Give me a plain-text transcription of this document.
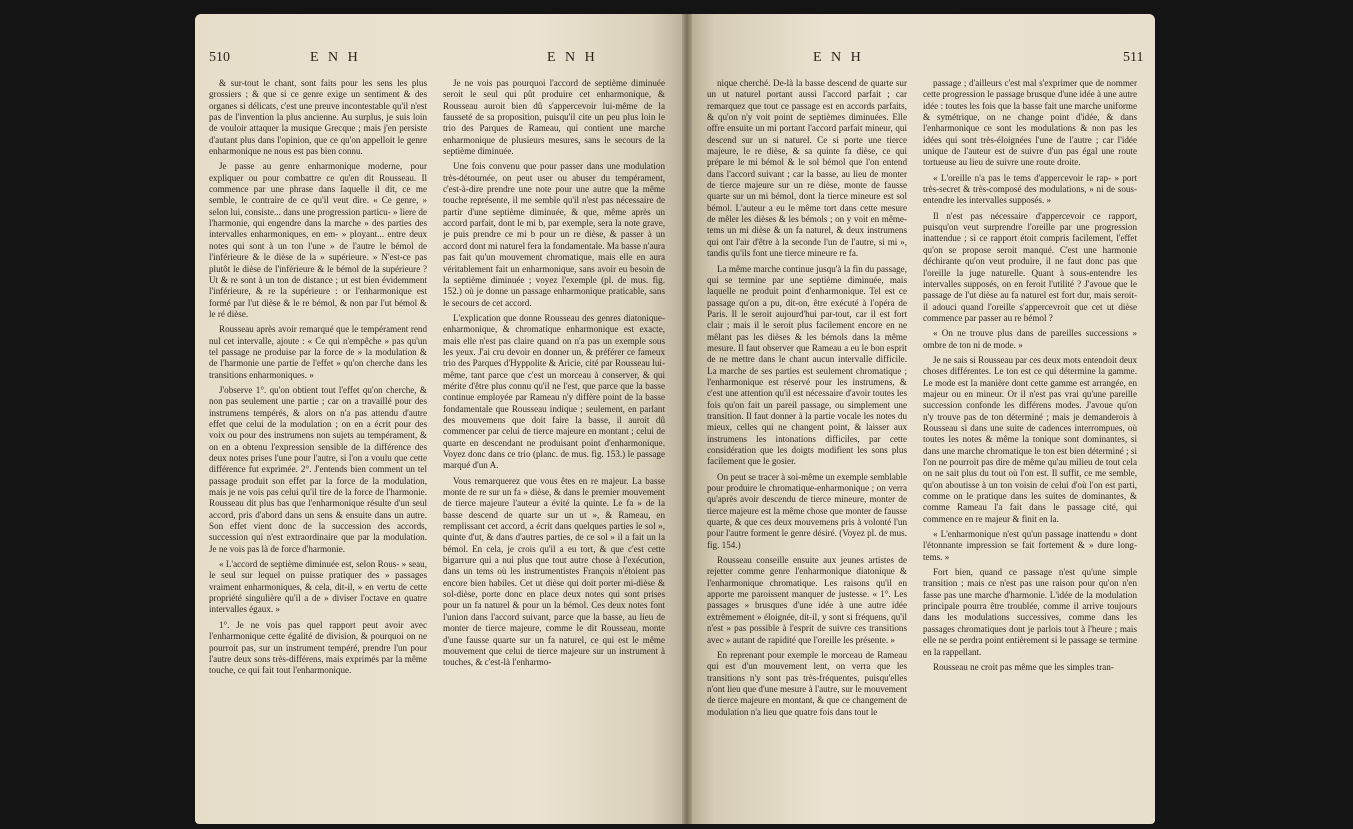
510	E N H	E N H

& sur-tout le chant, sont faits pour les sens les plus grossiers ; & que si ce genre exige un sentiment & des organes si délicats, c'est une preuve incontestable qu'il n'est pas de l'invention la plus ancienne. Au surplus, je suis loin de vouloir attaquer la musique Grecque ; mais j'en persiste d'autant plus dans l'opinion, que ce qu'on appelloit le genre enharmonique ne nous est pas bien connu.

Je passe au genre enharmonique moderne, pour expliquer ou pour combattre ce qu'en dit Rousseau. Il commence par une phrase dans laquelle il dit, ce me semble, le contraire de ce qu'il veut dire. « Ce genre, » selon lui, consiste... dans une progression particu- » liere de l'harmonie, qui engendre dans la marche » des parties des intervalles enharmoniques, en em- » ployant... entre deux notes qui sont à un ton l'une » de l'autre le bémol de l'inférieure & le dièse de la » supérieure. » N'est-ce pas plutôt le dièse de l'inférieure & le bémol de la supérieure ? Ut & re sont à un ton de distance ; ut est bien évidemment l'inférieure, & re la supérieure : or l'enharmonique est formé par l'ut dièse & le re bémol, & non par l'ut bémol & le ré dièse.

Rousseau après avoir remarqué que le tempérament rend nul cet intervalle, ajoute : « Ce qui n'empêche » pas qu'un tel passage ne produise par la force de » la modulation & de l'harmonie une partie de l'effet » qu'on cherche dans les transitions enharmoniques. »

J'observe 1°. qu'on obtient tout l'effet qu'on cherche, & non pas seulement une partie ; car on a travaillé pour des instrumens tempérés, & alors on n'a pas attendu d'autre effet que celui de la modulation ; on en a écrit pour des voix ou pour des instrumens non sujets au tempérament, & on en a obtenu l'expression sensible de la différence des deux notes prises l'une pour l'autre, si l'on a voulu que cette différence fut exprimée. 2°. J'entends bien comment un tel passage produit son effet par la force de la modulation, mais je ne vois pas celui qu'il tire de la force de l'harmonie. Rousseau dit plus bas que l'enharmonique résulte d'un seul accord, pris d'abord dans un sens & ensuite dans un autre. Son effet vient donc de la succession des accords, succession qui n'est extraordinaire que par la modulation. Je ne vois pas là de force d'harmonie.

« L'accord de septième diminuée est, selon Rous- » seau, le seul sur lequel on puisse pratiquer des » passages vraiment enharmoniques, & cela, dit-il, » en vertu de cette propriété singulière qu'il a de » diviser l'octave en quatre intervalles égaux. »

1°. Je ne vois pas quel rapport peut avoir avec l'enharmonique cette égalité de division, & pourquoi on ne pourroit pas, sur un instrument tempéré, prendre l'un pour l'autre deux sons très-différens, mais exprimés par la même touche, ce qui fait tout l'enharmonique.

Je ne vois pas pourquoi l'accord de septième diminuée seroit le seul qui pût produire cet enharmonique, & Rousseau auroit bien dû s'appercevoir lui-même de la fausseté de sa proposition, puisqu'il cite un peu plus loin le trio des Parques de Rameau, qui contient une marche enharmonique de plusieurs mesures, sans le secours de la septième diminuée.

Une fois convenu que pour passer dans une modulation très-détournée, on peut user ou abuser du tempérament, c'est-à-dire prendre une note pour une autre que la même touche représente, il me semble qu'il n'est pas nécessaire de partir d'une septième diminuée, & que, même après un accord parfait, dont le mi b, par exemple, sera la note grave, je puis prendre ce mi b pour un re dièse, & passer à un accord dont mi naturel fera la fondamentale. Ma basse n'aura pas fait qu'un mouvement chromatique, mais elle en aura véritablement fait un enharmonique, sans avoir eu besoin de la septième diminuée ; voyez l'exemple (pl. de mus. fig. 152.) où je donne un passage enharmonique praticable, sans le secours de cet accord.

L'explication que donne Rousseau des genres diatonique-enharmonique, & chromatique enharmonique est exacte, mais elle n'est pas claire quand on n'a pas un exemple sous les yeux. J'ai cru devoir en donner un, & préférer ce fameux trio des Parques d'Hyppolite & Aricie, cité par Rousseau lui-même, tant parce que c'est un morceau à conserver, & qui mérite d'être plus connu qu'il ne l'est, que parce que la basse continue employée par Rameau n'y diffère point de la basse fondamentale que Rousseau indique ; seulement, en parlant des mouvemens que doit faire la basse, il auroit dû commencer par celui de tierce majeure en montant ; celui de quarte en descendant ne produisant point d'enharmonique. Voyez donc dans ce trio (planc. de mus. fig. 153.) le passage marqué d'un A.

Vous remarquerez que vous êtes en re majeur. La basse monte de re sur un fa » dièse, & dans le premier mouvement de tierce majeure l'auteur a évité la quinte. Le fa » de la basse descend de quarte sur un ut », & Rameau, en remplissant cet accord, a écrit dans quelques parties le sol », quinte d'ut, & dans d'autres parties, de ce sol » il a fait un la bémol. En cela, je crois qu'il a eu tort, & que c'est cette bigarrure qui a nui plus que tout autre chose à l'exécution, dans un tems où les instrumentistes François n'étoient pas encore bien habiles. Cet ut dièse qui doit porter mi-dièse & sol-dièse, porte donc en place deux notes qui sont prises pour un fa naturel & pour un la bémol. Ces deux notes font l'union dans l'accord suivant, parce que la basse, au lieu de monter de tierce majeure, comme le dit Rousseau, monte d'une fausse quarte sur un fa naturel, ce qui est le même mouvement que celui de tierce majeure sur un instrument à touches, & c'est-là l'enharmo-

E N H	511

nique cherché. De-là la basse descend de quarte sur un ut naturel portant aussi l'accord parfait ; car remarquez que tout ce passage est en accords parfaits, & qu'on n'y voit point de septièmes diminuées. Elle offre ensuite un mi portant l'accord parfait mineur, qui descend sur un si naturel. Ce si porte une tierce majeure, le re dièse, & sa quinte fa dièse, ce qui prépare le mi bémol & le sol bémol que l'on entend dans l'accord suivant ; car la basse, au lieu de monter de tierce majeure sur un re dièse, monte de fausse quarte sur un mi bémol, dont la tierce mineure est sol bémol. L'auteur a eu le même tort dans cette mesure de mêler les dièses & les bémols ; on y voit en même-tems un mi dièse & un fa naturel, & deux instrumens qui ont l'air d'être à la seconde l'un de l'autre, si mi », tandis qu'ils font une tierce mineure re fa.

La même marche continue jusqu'à la fin du passage, qui se termine par une septième diminuée, mais laquelle ne produit point d'enharmonique. Tel est ce passage qu'on a pu, dit-on, être exécuté à l'opéra de Paris. Il le seroit aujourd'hui par-tout, car il est fort clair ; mais il le seroit plus facilement encore en ne mêlant pas les dièses & les bémols dans la même mesure. Il faut observer que Rameau a eu le bon esprit de ne mettre dans le chant aucun intervalle difficile. La marche de ses parties est seulement chromatique ; l'enharmonique est réservé pour les instrumens, & c'est une attention qu'il est nécessaire d'avoir toutes les fois qu'on fait un pareil passage, ou simplement une transition. Il faut donner à la partie vocale les notes du mieux, celles qui ne changent point, & laisser aux instrumens les intonations difficiles, par cette considération que les doigts modifient les sons plus facilement que le gosier.

On peut se tracer à soi-même un exemple semblable pour produire le chromatique-enharmonique ; on verra qu'après avoir descendu de tierce mineure, monter de tierce majeure est la même chose que monter de fausse quarte, & que ces deux mouvemens pris à volonté l'un pour l'autre forment le genre désiré. (Voyez pl. de mus. fig. 154.)

Rousseau conseille ensuite aux jeunes artistes de rejetter comme genre l'enharmonique diatonique & l'enharmonique chromatique. Les raisons qu'il en apporte me paroissent manquer de justesse. « 1°. Les passages » brusques d'une idée à une autre idée extrêmement » éloignée, dit-il, y sont si fréquens, qu'il n'est » pas possible à l'esprit de suivre ces transitions avec » autant de rapidité que l'oreille les présente. »

En reprenant pour exemple le morceau de Rameau qui est d'un mouvement lent, on verra que les transitions n'y sont pas très-fréquentes, puisqu'elles n'ont lieu que d'une mesure à l'autre, sur le mouvement de tierce majeure en montant, & que ce changement de modulation n'a lieu que quatre fois dans tout le

passage ; d'ailleurs c'est mal s'exprimer que de nommer cette progression le passage brusque d'une idée à une autre idée : toutes les fois que la basse fait une marche uniforme & symétrique, on ne change point d'idée, & dans l'enharmonique ce sont les modulations & non pas les idées qui sont très-éloignées l'une de l'autre ; car l'idée unique de l'auteur est de suivre d'un pas égal une route tortueuse au lieu de suivre une route droite.

« L'oreille n'a pas le tems d'appercevoir le rap- » port très-secret & très-composé des modulations, » ni de sous-entendre les intervalles supposés. »

Il n'est pas nécessaire d'appercevoir ce rapport, puisqu'on veut surprendre l'oreille par une progression inattendue ; si ce rapport étoit compris facilement, l'effet qu'on se propose seroit manqué. C'est une harmonie déchirante qu'on veut produire, il ne faut donc pas que l'oreille la juge naturelle. Quant à sous-entendre les intervalles supposés, on en feroit l'utilité ? J'avoue que le passage de l'ut dièse au fa naturel est fort dur, mais seroit-il adouci quand l'oreille s'appercevroit que cet ut dièse commence par passer au re bémol ?

« On ne trouve plus dans de pareilles successions » ombre de ton ni de mode. »

Je ne sais si Rousseau par ces deux mots entendoit deux choses différentes. Le ton est ce qui détermine la gamme. Le mode est la manière dont cette gamme est arrangée, en majeur ou en mineur. Or il n'est pas vrai qu'une pareille succession confonde les différens modes. J'avoue qu'on n'y trouve pas de ton déterminé ; mais je demanderois à Rousseau si dans une suite de cadences interrompues, où toutes les notes & même la tonique sont dominantes, si dans une marche chromatique le ton est bien déterminé ; si l'on ne pourroit pas dire de même qu'au milieu de tout cela on ne sait plus du tout où l'on est. Il suffit, ce me semble, qu'on aboutisse à un ton voisin de celui d'où l'on est parti, comme on le pratique dans les suites de dominantes, & comme Rameau l'a fait dans le passage cité, qui commence en re majeur & finit en la.

« L'enharmonique n'est qu'un passage inattendu » dont l'étonnante impression se fait fortement & » dure long-tems. »

Fort bien, quand ce passage n'est qu'une simple transition ; mais ce n'est pas une raison pour qu'on n'en fasse pas une marche d'harmonie. L'idée de la modulation principale pourra être troublée, comme il arrive toujours dans les modulations successives, comme dans les passages chromatiques dont je parlois tout à l'heure ; mais elle ne se perdra point entièrement si le passage se termine en la rappellant.

Rousseau ne croit pas même que les simples tran-
